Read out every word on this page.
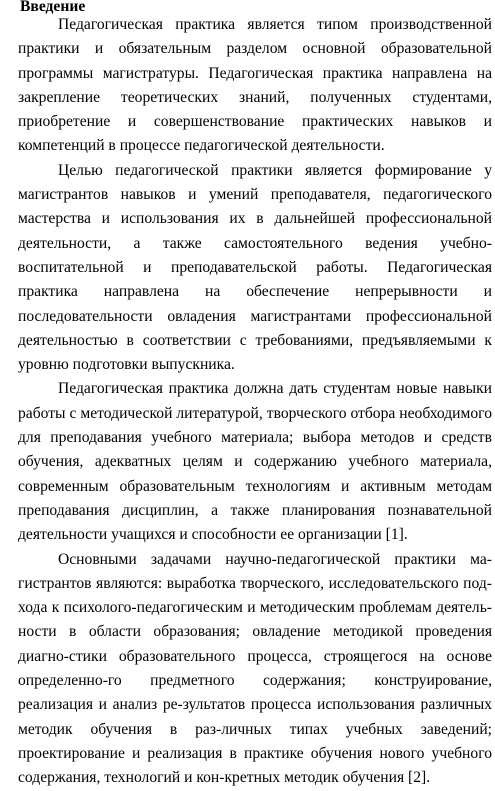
Введение

Педагогическая практика является типом производственной практики и обязательным разделом основной образовательной программы магистратуры. Педагогическая практика направлена на закрепление теоретических знаний, полученных студентами, приобретение и совершенствование практических навыков и компетенций в процессе педагогической деятельности.

Целью педагогической практики является формирование у магистрантов навыков и умений преподавателя, педагогического мастерства и использования их в дальнейшей профессиональной деятельности, а также самостоятельного ведения учебно-воспитательной и преподавательской работы. Педагогическая практика направлена на обеспечение непрерывности и последовательности овладения магистрантами профессиональной деятельностью в соответствии с требованиями, предъявляемыми к уровню подготовки выпускника.

Педагогическая практика должна дать студентам новые навыки работы с методической литературой, творческого отбора необходимого для преподавания учебного материала; выбора методов и средств обучения, адекватных целям и содержанию учебного материала, современным образовательным технологиям и активным методам преподавания дисциплин, а также планирования познавательной деятельности учащихся и способности ее организации [1].

Основными задачами научно-педагогической практики ма-гистрантов являются: выработка творческого, исследовательского под-хода к психолого-педагогическим и методическим проблемам деятель-ности в области образования; овладение методикой проведения диагно-стики образовательного процесса, строящегося на основе определенно-го предметного содержания; конструирование, реализация и анализ ре-зультатов процесса использования различных методик обучения в раз-личных типах учебных заведений; проектирование и реализация в практике обучения нового учебного содержания, технологий и кон-кретных методик обучения [2].
